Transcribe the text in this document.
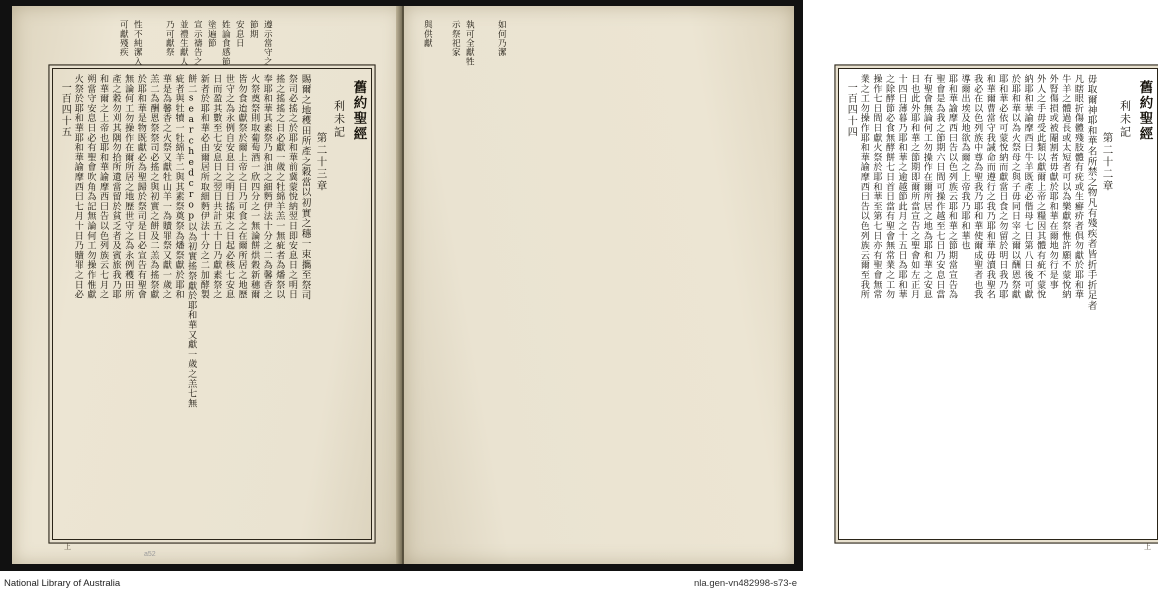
遵示當守之
節期
安息日
姓論食感節
塗遍節
宣示禱告之
並禮生獻人
乃可獻祭
性不純潔入
可獻殘疾
舊約聖經
利未記
第二十三章
賜爾之地穫田所產之穀當以初實之穗一束攜至祭司
祭司必搖之於耶和華前冀蒙悅納翌日即安息日之明日
搖之搖搖之日必獻一歲之牡綿羊羔一無疵者為燔祭以
奉耶和華其素祭乃和油之細麪伊法十分之二為馨香之
火祭奠祭則取葡萄酒一欣四分之一無論餅烘穀新穗爾
皆勿食迨獻祭於爾上帝之日乃可食之在爾所居之地歷
世守之為永例自安息日之明日搖束之日起必核七安息
日而盈其數至七安息日之翌日共計五十日乃獻素祭之
新者於耶和華必由爾居所取細麪伊法十分之二加酵製
餅二searchedcrop以為初實搖祭獻於耶和華又獻一歲之羔七無
疵者與牡犢一牡綿羊二與其素祭奠祭為燔祭獻於耶和
華是為馨香之火祭又獻牡山羊一為贖罪祭又獻一歲之
羔二為酬恩祭祭司必搖之與初實之餅及二羔為搖祭獻
於耶和華是物既獻必為聖歸於祭司是日必宣告有聖會
無論何工勿操作在爾所居之地歷世守之為永例穫田所
產之穀勿刈其隅勿拾所遺當留於貧乏者及賓旅我乃耶
和華爾之上帝也耶和華諭摩西曰告以色列族云七月之
朔當守安息日必有聖會吹角為記無論何工勿操作惟獻
火祭於耶和華耶和華諭摩西曰七月十日乃贖罪之日必
一百四十五
上
與供獻 示祭祀家 執可全獻牲	如何乃潔
舊約聖經
利未記
第二十二章
毋取爾神耶和華名所禁之物凡有殘疾者皆折手折足者
凡瞎眼折傷體殘肢體有疣或生癬疥者俱勿獻於耶和華
牛羊之體過長或太短者可以為樂獻祭惟許願不蒙悅納
外腎傷損或被閹割者毋獻於耶和華在爾地勿行是事
外人之手毋受此類以獻爾上帝之糧因其體有疵不蒙悅
納耶和華諭摩西曰牛羊既產必偕母七日第八日後可獻
於耶和華以為火祭母之與子毋同日宰之爾以酬恩祭獻
耶和華必依可蒙悅納而獻當日食之勿留於明日我乃耶
和華爾曹當守我誡命而遵行之我乃耶和華毋瀆我聖名
我必在以色列族中尊為聖我乃耶和華使爾成聖者也我
導爾出埃及地欲為爾之上帝我乃耶和華也
耶和華諭摩西曰告以色列族云耶和華之節期當宣告為
聖會是為我之節期六日間可操作越至七日乃安息日當
有聖會無論何工勿操作在爾所居之地為耶和華之安息
日也此外耶和華之節期即爾所當宣告之聖會如左正月
十四日薄暮乃耶和華之逾越節此月之十五日為耶和華
之除酵節必食無酵餅七日首日當有聖會無常業之工勿
操作七日間日獻火祭於耶和華至第七日亦有聖會無常
業之工勿操作耶和華諭摩西曰告以色列族云爾至我所
一百四十四
上
a52
National Library of Australia	nla.gen-vn482998-s73-e
